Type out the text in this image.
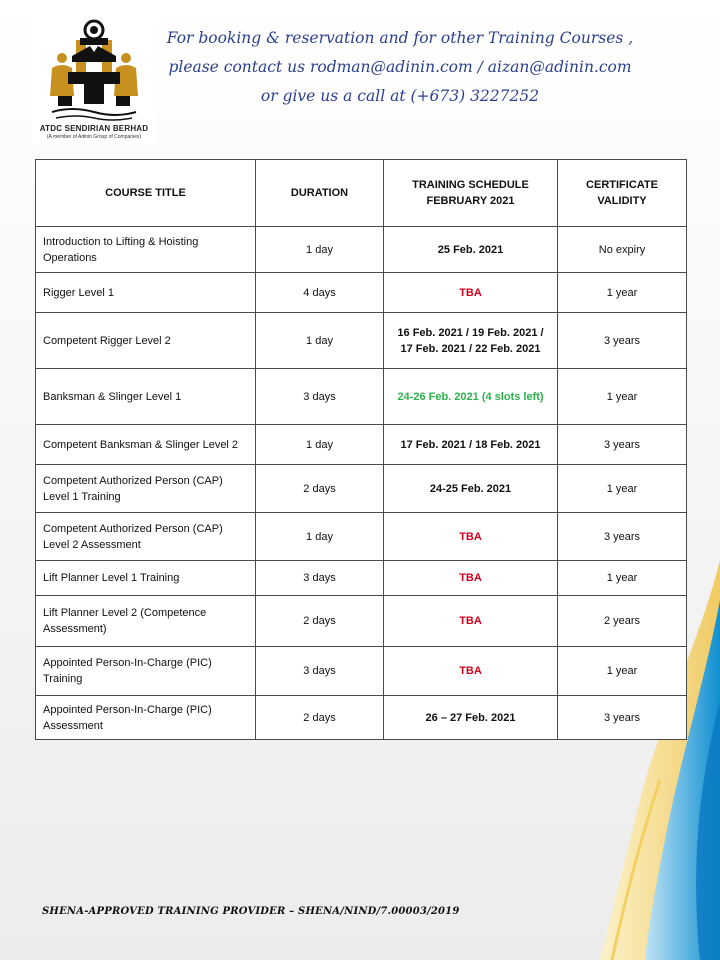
ATDC SENDIRIAN BERHAD
(A member of Adinin Group of Companies)
For booking & reservation and for other Training Courses ,
please contact us rodman@adinin.com / aizan@adinin.com
or give us a call at (+673) 3227252
COURSE TITLE	DURATION	TRAINING SCHEDULE FEBRUARY 2021	CERTIFICATE VALIDITY
Introduction to Lifting & Hoisting Operations	1 day	25 Feb. 2021	No expiry
Rigger Level 1	4 days	TBA	1 year
Competent Rigger Level 2	1 day	16 Feb. 2021 / 19 Feb. 2021 / 17 Feb. 2021 / 22 Feb. 2021	3 years
Banksman & Slinger Level 1	3 days	24-26 Feb. 2021 (4 slots left)	1 year
Competent Banksman & Slinger Level 2	1 day	17 Feb. 2021 / 18 Feb. 2021	3 years
Competent Authorized Person (CAP) Level 1 Training	2 days	24-25 Feb. 2021	1 year
Competent Authorized Person (CAP) Level 2 Assessment	1 day	TBA	3 years
Lift Planner Level 1 Training	3 days	TBA	1 year
Lift Planner Level 2 (Competence Assessment)	2 days	TBA	2 years
Appointed Person-In-Charge (PIC) Training	3 days	TBA	1 year
Appointed Person-In-Charge (PIC) Assessment	2 days	26 – 27 Feb. 2021	3 years
SHENA-APPROVED TRAINING PROVIDER – SHENA/NIND/7.00003/2019
